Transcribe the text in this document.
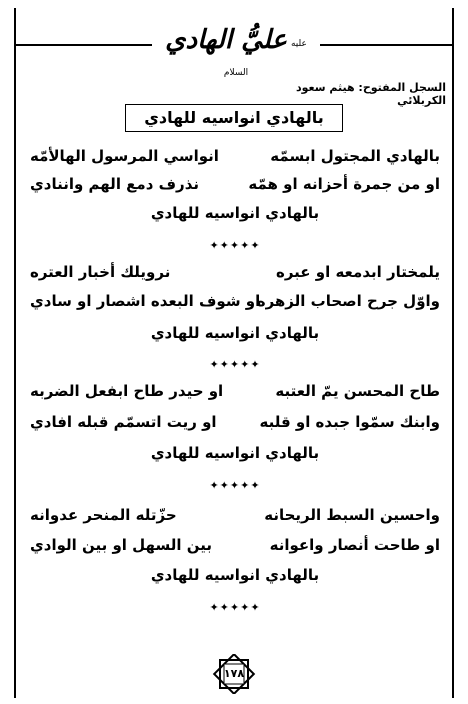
عليُّ الهادي عليه السلام
السجل المفتوح: هيثم سعود الكربلائي
بالهادي انواسيه للهادي
بالهادي المجتول ابسمّه
انواسي المرسول الهالأمّه
او من جمرة أحزانه او همّه
نذرف دمع الهم واننادي
بالهادي انواسيه للهادي
✦✦✦✦✦
يلمختار ابدمعه او عبره
نرويلك أخبار العتره
واوّل جرح اصحاب الزهره
او شوف البعده اشصار او سادي
بالهادي انواسيه للهادي
✦✦✦✦✦
طاح المحسن يمّ العتبه
او حيدر طاح ابفعل الضربه
وابنك سمّوا جبده او قلبه
او ريت اتسمّم قبله افادي
بالهادي انواسيه للهادي
✦✦✦✦✦
واحسين السبط الريحانه
حزّتله المنحر عدوانه
او طاحت أنصار واعوانه
بين السهل او بين الوادي
بالهادي انواسيه للهادي
✦✦✦✦✦
١٧٨
